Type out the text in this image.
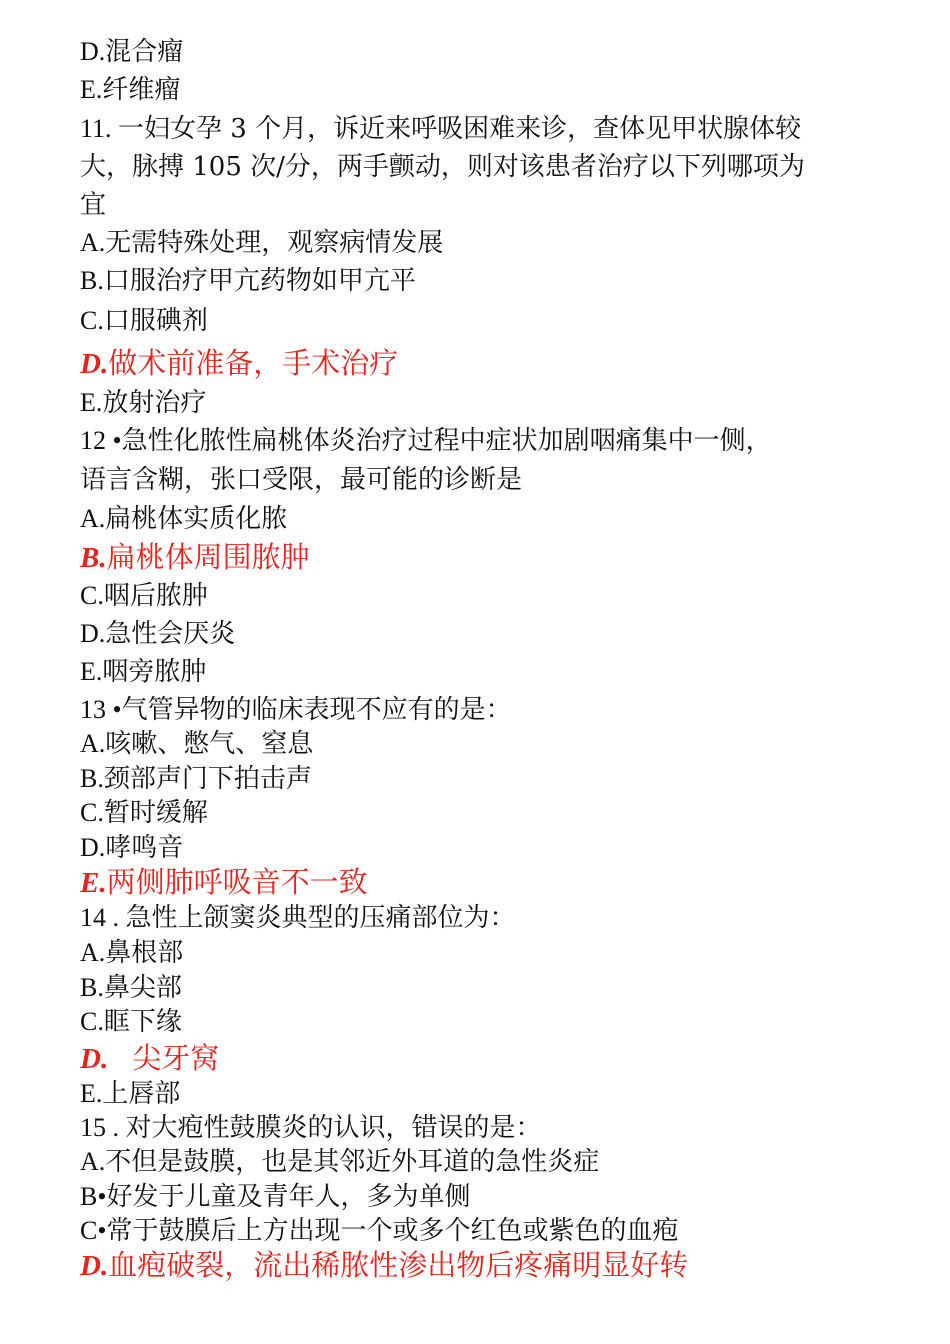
D.混合瘤
E.纤维瘤
11. 一妇女孕 3 个月，诉近来呼吸困难来诊，查体见甲状腺体较
大，脉搏 105 次/分，两手颤动，则对该患者治疗以下列哪项为
宜
A.无需特殊处理，观察病情发展
B.口服治疗甲亢药物如甲亢平
C.口服碘剂
D.做术前准备，手术治疗
E.放射治疗
12 •急性化脓性扁桃体炎治疗过程中症状加剧咽痛集中一侧，
语言含糊，张口受限，最可能的诊断是
A.扁桃体实质化脓
B.扁桃体周围脓肿
C.咽后脓肿
D.急性会厌炎
E.咽旁脓肿
13 •气管异物的临床表现不应有的是：
A.咳嗽、憋气、窒息
B.颈部声门下拍击声
C.暂时缓解
D.哮鸣音
E.两侧肺呼吸音不一致
14 . 急性上颌窦炎典型的压痛部位为：
A.鼻根部
B.鼻尖部
C.眶下缘
D. 尖牙窝
E.上唇部
15 . 对大疱性鼓膜炎的认识，错误的是：
A.不但是鼓膜，也是其邻近外耳道的急性炎症
B•好发于儿童及青年人，多为单侧
C•常于鼓膜后上方出现一个或多个红色或紫色的血疱
D.血疱破裂，流出稀脓性渗出物后疼痛明显好转
